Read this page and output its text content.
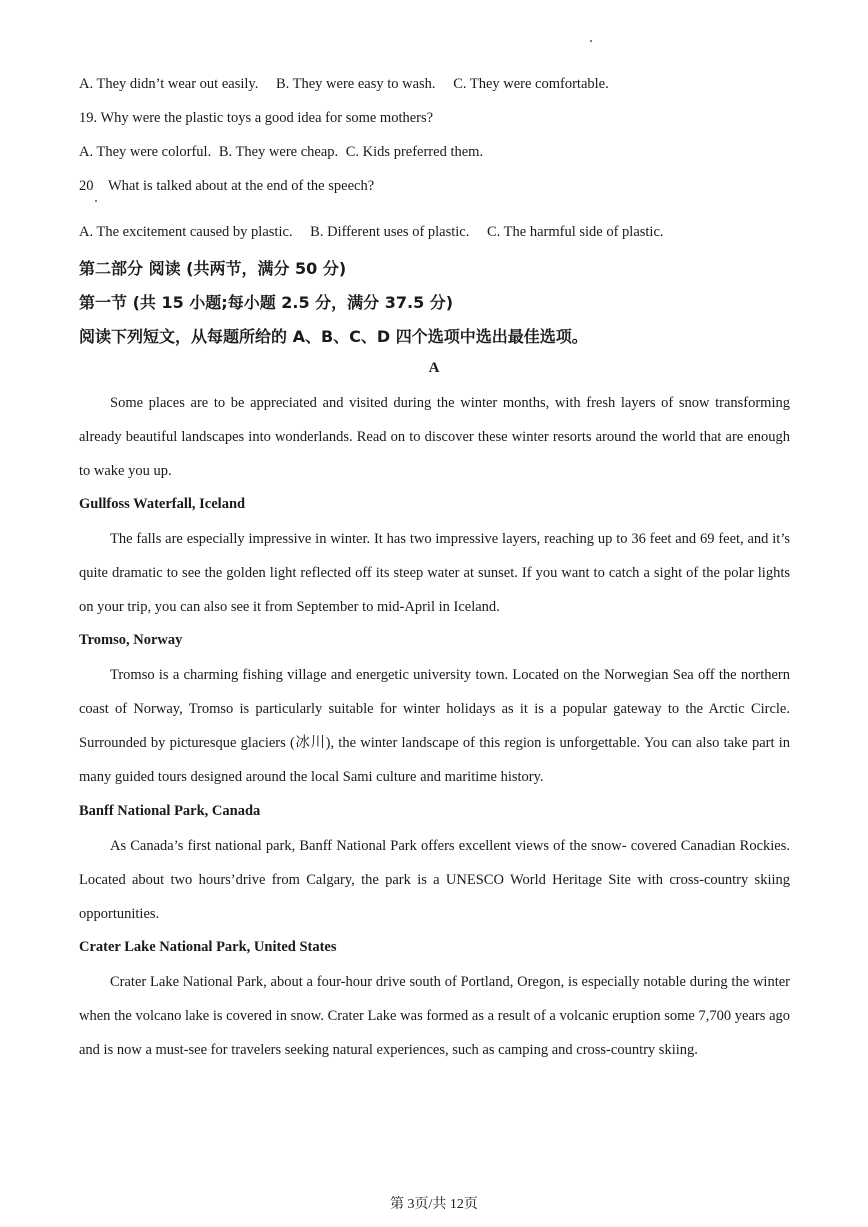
A. They didn’t wear out easily. B. They were easy to wash. C. They were comfortable.
19. Why were the plastic toys a good idea for some mothers?
A. They were colorful. B. They were cheap. C. Kids preferred them.
20　What is talked about at the end of the speech?
A. The excitement caused by plastic. B. Different uses of plastic. C. The harmful side of plastic.
第二部分 阅读 (共两节，满分 50 分)
第一节 (共 15 小题;每小题 2.5 分，满分 37.5 分)
阅读下列短文，从每题所给的 A、B、C、D 四个选项中选出最佳选项。
A
Some places are to be appreciated and visited during the winter months, with fresh layers of snow transforming already beautiful landscapes into wonderlands. Read on to discover these winter resorts around the world that are enough to wake you up.
Gullfoss Waterfall, Iceland
The falls are especially impressive in winter. It has two impressive layers, reaching up to 36 feet and 69 feet, and it’s quite dramatic to see the golden light reflected off its steep water at sunset. If you want to catch a sight of the polar lights on your trip, you can also see it from September to mid-April in Iceland.
Tromso, Norway
Tromso is a charming fishing village and energetic university town. Located on the Norwegian Sea off the northern coast of Norway, Tromso is particularly suitable for winter holidays as it is a popular gateway to the Arctic Circle. Surrounded by picturesque glaciers (冰川), the winter landscape of this region is unforgettable. You can also take part in many guided tours designed around the local Sami culture and maritime history.
Banff National Park, Canada
As Canada’s first national park, Banff National Park offers excellent views of the snow- covered Canadian Rockies. Located about two hours’drive from Calgary, the park is a UNESCO World Heritage Site with cross-country skiing opportunities.
Crater Lake National Park, United States
Crater Lake National Park, about a four-hour drive south of Portland, Oregon, is especially notable during the winter when the volcano lake is covered in snow. Crater Lake was formed as a result of a volcanic eruption some 7,700 years ago and is now a must-see for travelers seeking natural experiences, such as camping and cross-country skiing.
第 3页/共 12页
